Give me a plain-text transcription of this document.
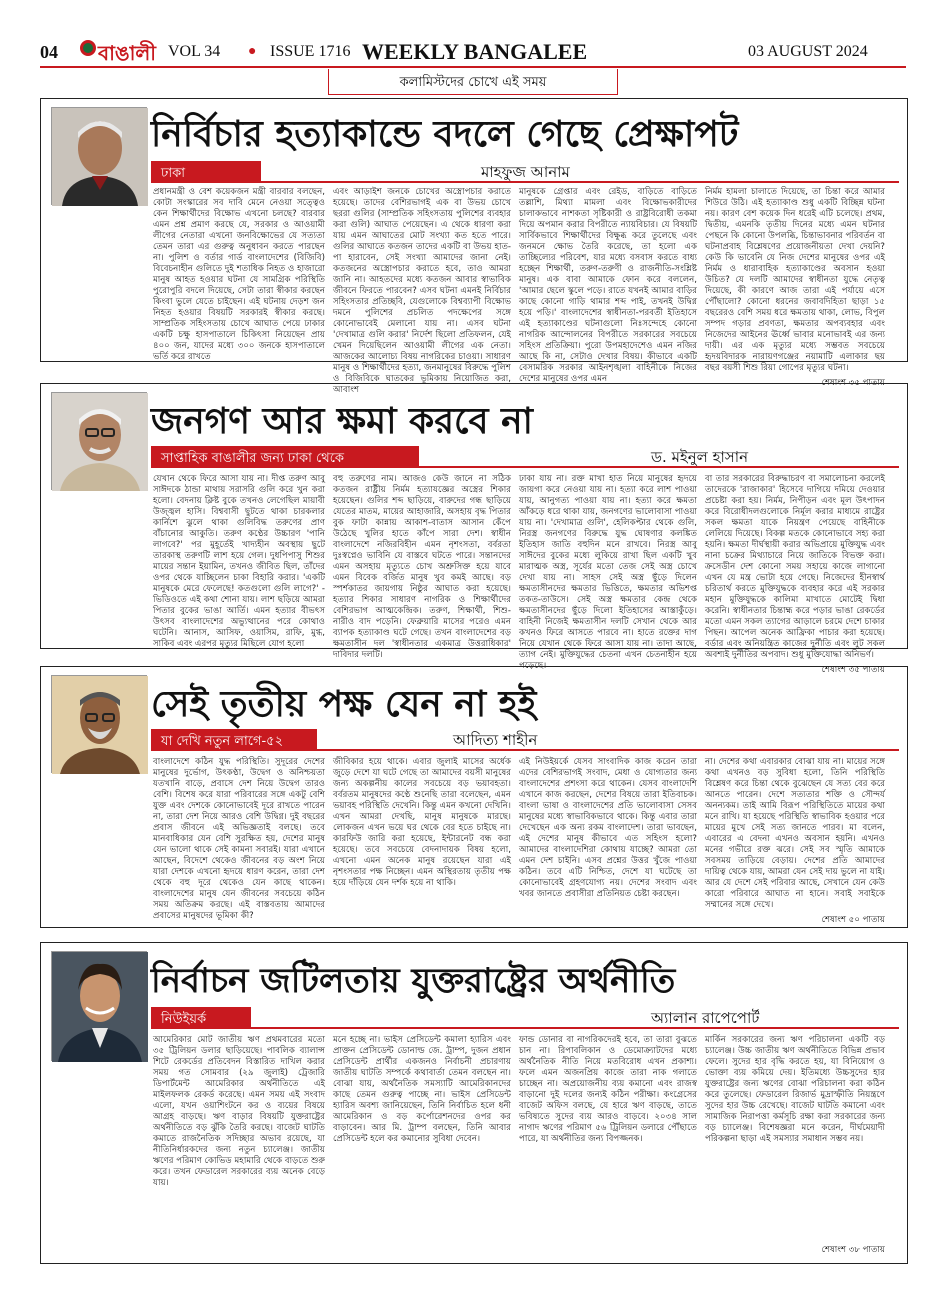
04 বাঙালী VOL 34 ● ISSUE 1716 WEEKLY BANGALEE	03 AUGUST 2024
কলামিস্টদের চোখে এই সময়
নির্বিচার হত্যাকান্ডে বদলে গেছে প্রেক্ষাপট
ঢাকা	মাহফুজ আনাম
প্রধানমন্ত্রী ও বেশ কয়েকজন মন্ত্রী বারবার বলছেন, কোটা সংস্কারের সব দাবি মেনে নেওয়া সত্ত্বেও কেন শিক্ষার্থীদের বিক্ষোভ এখনো চলছে? বারবার এমন প্রশ্ন প্রমাণ করছে যে, সরকার ও আওয়ামী লীগের নেতারা এখনো জনবিক্ষোভের যে সত্যতা তেমন তারা এর গুরুত্ব অনুধাবন করতে পারছেন না। পুলিশ ও বর্তার গার্ড বাংলাদেশের (বিজিবি) বিবেচনাহীন গুলিতে দুই শতাধিক নিহত ও হাজারো মানুষ আহত হওয়ার ঘটনা যে সামগ্রিক পরিস্থিতি পুরোপুরি বদলে দিয়েছে, সেটা তারা স্বীকার করছেন কিংবা ভুলে যেতে চাইছেন। এই ঘটনায় দেড়শ জন নিহত হওয়ার বিষয়টি সরকারই স্বীকার করছে। সাম্প্রতিক সহিংসতায় চোখে আঘাত পেয়ে ঢাকার একটি চক্ষু হাসপাতালে চিকিৎসা নিয়েছেন প্রায় ৪০০ জন, যাদের মধ্যে ৩০০ জনকে হাসপাতালে ভর্তি করে রাখতে
এবং আড়াইশ জনকে চোখের অস্ত্রোপচার করাতে হয়েছে। তাদের বেশিরভাগই এক বা উভয় চোখে ছররা গুলির (সাম্প্রতিক সহিংসতায় পুলিশের ব্যবহার করা গুলি) আঘাত পেয়েছেন। এ থেকে ধারণা করা যায় এমন আঘাতের মোট সংখ্যা কত হতে পারে। গুলির আঘাতে কতজন তাদের একটি বা উভয় হাত-পা হারাবেন, সেই সংখ্যা আমাদের জানা নেই। কতজনের অস্ত্রোপচার করাতে হবে, তাও আমরা জানি না। আহতদের মধ্যে কতজন আবার স্বাভাবিক জীবনে ফিরতে পারবেন? এসব ঘটনা এমনই নির্বিচার সহিংসতার প্রতিচ্ছবি, যেগুলোকে বিশ্বব্যাপী বিক্ষোভ দমনে পুলিশের প্রচলিত পদক্ষেপের সঙ্গে কোনোভাবেই মেলানো যায় না। এসব ঘটনা 'দেখামাত্র গুলি করার' নির্দেশ ছিলো প্রতিফলন, যেই খেমন দিয়েছিলেন আওয়ামী লীগের এক নেতা। আজকের আলোচ্য বিষয় নাগরিকের চাওয়া। সাধারণ মানুষ ও শিক্ষার্থীদের হত্যা, জনমানুষের বিরুদ্ধে পুলিশ ও বিজিবিকে ঘাতকের ভূমিকায় নিয়োজিত করা, আবাংশ
মানুষকে গ্রেপ্তার এবং রেইড, বাড়িতে বাড়িতে তল্লাশি, মিথ্যা মামলা এবং বিক্ষোভকারীদের চালাকভাবে নাশকতা সৃষ্টিকারী ও রাষ্ট্রবিরোধী তকমা দিয়ে অপমান করার বিপরীতে ন্যায়বিচার। যে বিষয়টি সার্বিকভাবে শিক্ষার্থীদের বিক্ষুব্ধ করে তুলেছে এবং জনমনে ক্ষোভ তৈরি করেছে, তা হলো এক তাচ্ছিল্যের পরিবেশ, যার মধ্যে বসবাস করতে বাধ্য হচ্ছেন শিক্ষার্থী, তরুণ-তরুণী ও রাজনীতি-সংশ্লিষ্ট মানুষ। এক বাবা আমাকে ফোন করে বললেন, 'আমার ছেলে স্কুলে পড়ে। রাতে যখনই আমার বাড়ির কাছে কোনো গাড়ি থামার শব্দ পাই, তখনই উদ্বিগ্ন হয়ে পড়ি।' বাংলাদেশের স্বাধীনতা-পরবর্তী ইতিহাসে এই হত্যাকাণ্ডের ঘটনাগুলো নিঃসন্দেহে কোনো নাগরিক আন্দোলনের বিপরীতে সরকারের সবচেয়ে সহিংস প্রতিক্রিয়া। পুরো উপমহাদেশেও এমন নজির আছে কি না, সেটাও দেখার বিষয়। কীভাবে একটি বেসামরিক সরকার আইনশৃঙ্খলা বাহিনীকে নিজের দেশের মানুষের ওপর এমন
নির্মম হামলা চালাতে দিয়েছে, তা চিন্তা করে আমার শিউরে উঠি। এই হত্যাকাণ্ড শুধু একটি বিচ্ছিন্ন ঘটনা নয়। কারণ বেশ কয়েক দিন ধরেই এটি চলেছে। প্রথম, দ্বিতীয়, এমনকি তৃতীয় দিনের মধ্যে এমন ঘটনার পেছনে কি কোনো উপলব্ধি, চিন্তাভাবনার পরিবর্তন বা ঘটনাপ্রবাহ বিশ্লেষণের প্রয়োজনীয়তা দেখা দেয়নি? কেউ কি ভাবেনি যে নিজ দেশের মানুষের ওপর এই নির্মম ও ধারাবাহিক হত্যাকাণ্ডের অবসান হওয়া উচিত? যে দলটি আমাদের স্বাধীনতা যুদ্ধে নেতৃত্ব দিয়েছে, কী কারণে আজ তারা এই পর্যায়ে এসে পৌঁছালো? কোনো ধরনের জবাবদিহিতা ছাড়া ১৫ বছরেরও বেশি সময় ধরে ক্ষমতায় থাকা, লোভ, বিপুল সম্পদ গড়ার প্রবণতা, ক্ষমতার অপব্যবহার এবং নিজেদের আইনের ঊর্ধ্বে ভাবার মনোভাবই এর জন্য দায়ী। এর এক মৃত্যুর মধ্যে সম্ভবত সবচেয়ে হৃদয়বিদারক নারায়ণগঞ্জের নয়ামাটি এলাকার ছয় বছর বয়সী শিশু রিয়া গোপের মৃত্যুর ঘটনা।
শেষাংশ ৩৫ পাতায়
জনগণ আর ক্ষমা করবে না
সাপ্তাহিক বাঙালীর জন্য ঢাকা থেকে	ড. মইনুল হাসান
যেখান থেকে ফিরে আসা যায় না। দীপ্ত তরুণ আবু সাঈদকে ঠান্ডা মাথায় সরাসরি গুলি করে খুন করা হলো। বেদনায় ক্লিষ্ট বুকে তখনও লেগেছিল মায়াবী উজ্জ্বল হাসি। বিশ্ববাসী ছুটতে থাকা চারকলার কার্নিশে ঝুলে থাকা গুলিবিদ্ধ তরুণের প্রাণ বাঁচানোর আকুতি। তরুণ কণ্ঠের উচ্চারণ 'পানি লাগবে?' পর মুহূর্তেই খাদ্যহীন অবস্থায় ছুটে তারকাস্থ তরুণটি লাশ হয়ে গেল। দুধপিপাসু শিশুর মায়ের সন্তান ইয়ামিন, তখনও জীবিত ছিল, তাঁদের ওপর থেকে যাচ্ছিলেন চাকা বিহারি করার। 'একটি মানুষকে মেরে ফেলেছে! কতগুলো গুলি লাগে?' - ভিডিওতে এই কথা শোনা যায়। লাশ ছড়িয়ে আমরা পিতার বুকের ভাঙা আর্তি। এমন হত্যার বীভৎস উৎসব বাংলাদেশের অভ্যুত্থানের পরে কোথাও ঘটেনি। আনাস, আসিফ, ওয়াসিম, রাফি, মুগ্ধ, সাকিব এবং এরপর মৃত্যুর মিছিলে যোগ হলো
বহু তরুণের নাম। আজও কেউ জানে না সঠিক কতজন রাষ্ট্রীয় নির্মম হত্যাযজ্ঞের অস্ত্রের শিকার হয়েছেন। গুলির শব্দ ছাড়িয়ে, বারুদের গন্ধ ছাড়িয়ে যেতের মাতম, মায়ের আহাজারি, অসহায় বৃদ্ধ পিতার বুক ফাটা কান্নায় আকাশ-বাতাস আসান কেঁপে উঠেছে খুলির হাতে কাঁপে সারা দেশ। স্বাধীন বাংলাদেশে নজিরবিহীন এমন নৃশংসতা, বর্বরতা দুঃস্বপ্নেও ভাবিনি যে বাস্তবে ঘটতে পারে। সন্তানদের এমন অসহায় মৃত্যুতে চোখ অশ্রুসিক্ত হয়ে যাবে এমন বিবেক বর্জিত মানুষ খুব কমই আছে। বড় স্পর্শকাতর জায়গায় নিষ্ঠুর আঘাত করা হয়েছে। হত্যার শিকার সাধারণ নাগরিক ও শিক্ষার্থীদের বেশিরভাগ আত্মকেন্দ্রিক। তরুণ, শিক্ষার্থী, শিশু-নারীও বাদ পড়েনি। ফেব্রুয়ারি মাসের পরেও এমন ব্যাপক হত্যাকাণ্ড ঘটে গেছে। তখন বাংলাদেশের বড় ক্ষমতাসীন দল 'স্বাধীনতার একমাত্র উত্তরাধিকার' দাবিদার দলটি।
ঢাকা যায় না। রক্ত মাখা হাত নিয়ে মানুষের হৃদয়ে জায়গা করে নেওয়া যায় না। হত্যা করে লাশ পাওয়া যায়, আনুগত্য পাওয়া যায় না। হত্যা করে ক্ষমতা আঁকড়ে ধরে থাকা যায়, জনগণের ভালোবাসা পাওয়া যায় না। 'দেখামাত্র গুলি', হেলিকপ্টার থেকে গুলি, নিরস্ত্র জনগণের বিরুদ্ধে যুদ্ধ ঘোষণার কলঙ্কিত ইতিহাস জাতি বহুদিন মনে রাখবে। নিরস্ত্র আবু সাঈদের বুকের মধ্যে লুকিয়ে রাখা ছিল একটি খুব মারাত্মক অস্ত্র, সূর্যের মতো তেজ সেই অস্ত্র চোখে দেখা যায় না। সাহস সেই অস্ত্র ছুঁড়ে দিলেন ক্ষমতাসীনদের ক্ষমতার ভিত্তিতে, ক্ষমতার অভিশপ্ত তকত-তাউসে। সেই অস্ত্র ক্ষমতার কেন্দ্র থেকে ক্ষমতাসীনদের ছুঁড়ে দিলো ইতিহাসের আস্তাকুঁড়ে। বাহিনী নিজেই ক্ষমতাসীন দলটি সেখান থেকে আর কখনও ফিরে আসতে পারবে না। হাতে রক্তের দাগ নিয়ে যেখান থেকে ফিরে আসা যায় না। তাদা আছে, ত্যাগ নেই। মুক্তিযুদ্ধের চেতনা এখন চেতনাহীন হয়ে পড়েছে।
বা তার সরকারের বিরুদ্ধাচরণ বা সমালোচনা করলেই তাদেরকে 'রাজাকার' হিসেবে দাগিয়ে দমিয়ে দেওয়ার প্রচেষ্টা করা হয়। নির্মম, নিপীড়ন এবং মূল উৎপাদন করে বিরোধীদলগুলোকে নির্মূল করার মাধ্যমে রাষ্ট্রের সকল ক্ষমতা যাকে নিয়ন্ত্রণ পেয়েছে বাহিনীকে লেলিয়ে দিয়েছে। বিকল্প মতকে কোনোভাবে সহ্য করা হয়নি। ক্ষমতা দীর্ঘস্থায়ী করার অভিপ্রায়ে মুক্তিযুদ্ধ এবং নানা চক্রের মিথ্যাচারে নিয়ে জাতিকে বিভক্ত করা। ক্রসেডীন দেশ কোনো সময় সহায়ে কাজে লাগানো এখন যে মন্ত্র ভোটা হয়ে গেছে। নিজেদের হীনস্বার্থ চরিতার্থ করতে মুক্তিযুদ্ধকে ব্যবহার করে এই সরকার মহান মুক্তিযুদ্ধকে কালিমা মাখাতে মোটেই দ্বিধা করেনি। স্বাধীনতার চিন্তাহ্ম করে পড়ার ভাঙা রেকর্ডের মতো এমন সকল ত্যাগের আড়ালে চরমে দেশে চাকার পিছন। আপেল অনেক আফ্রিকা পাচার করা হয়েছে। বর্ডার এবং অনিয়ন্ত্রিত কাজের দুর্নীতি এবং লুট সকল অবশ্যই দুর্নীতির অপবাদ। শুধু মুক্তিযোদ্ধা অনিভর্ণ।
শেষাংশ ৩৫ পাতায়
সেই তৃতীয় পক্ষ যেন না হই
যা দেখি নতুন লাগে-৫২	আদিত্য শাহীন
বাংলাদেশে কঠিন যুদ্ধ পরিস্থিতি। সুদূরের দেশের মানুষের দুর্ভোগ, উৎকণ্ঠা, উদ্বেগ ও অনিশ্চয়তা যতখানি বাড়ে, প্রবাসে দেশ নিয়ে উদ্বেগ তারও বেশি। বিশেষ করে যারা পরিবারের সঙ্গে একটু বেশি যুক্ত এবং দেশকে কোনোভাবেই দূরে রাখতে পারেন না, তারা দেশ নিয়ে আরও বেশি উদ্বিগ্ন। দুই বছরের প্রবাস জীবনে এই অভিজ্ঞতাই বলছে। তবে মানবাধিকার যেন বেশি সুরক্ষিত হয়, দেশের মানুষ যেন ভালো থাকে সেই কামনা সবারই। যারা এখানে আছেন, বিদেশে থেকেও জীবনের বড় অংশ নিয়ে যারা দেশকে এখনো হৃদয়ে ধারণ করেন, তারা দেশ থেকে বহু দূরে থেকেও যেন কাছে থাকেন। বাংলাদেশের মানুষ যেন জীবনের সবচেয়ে কঠিন সময় অতিক্রম করছে। এই বাস্তবতায় আমাদের প্রবাসের মানুষদের ভূমিকা কী?
জীবিকার হয়ে থাকে। এবার জুলাই মাসের অর্ধেক জুড়ে দেশে যা ঘটে গেছে তা আমাদের বয়সী মানুষের জন্য অকল্পনীয় কালের সবচেয়ে বড় ভয়াবহতা। বর্বরতম মানুষদের কণ্ঠে শুনেছি তারা বলেছেন, এমন ভয়াবহ পরিস্থিতি দেখেনি। কিন্তু এমন কখনো দেখিনি। এখন আমরা দেখছি, মানুষ মানুষকে মারছে। লোকজন এখন ভয়ে ঘর থেকে বের হতে চাইছে না। কারফিউ জারি করা হয়েছে, ইন্টারনেট বন্ধ করা হয়েছে। তবে সবচেয়ে বেদনাদায়ক বিষয় হলো, এখনো এমন অনেক মানুষ রয়েছেন যারা এই নৃশংসতার পক্ষ নিচ্ছেন। এমন অস্থিরতায় তৃতীয় পক্ষ হয়ে দাঁড়িয়ে যেন দর্শক হয়ে না থাকি।
এই নিউইয়র্কে যেসব সাংবাদিক কাজ করেন তারা এদের বেশিরভাগই সংবাদ, মেধা ও যোগ্যতার জন্য বাংলাদেশের প্রশংসা করে থাকেন। যেসব বাংলাদেশি এখানে কাজ করছেন, দেশের বিষয়ে তারা ইতিবাচক। বাংলা ভাষা ও বাংলাদেশের প্রতি ভালোবাসা সেসব মানুষের মধ্যে স্বাভাবিকভাবে থাকে। কিন্তু এবার তারা দেখেছেন এক অন্য রকম বাংলাদেশ। তারা ভাবছেন, এই দেশের মানুষ কীভাবে এত সহিংস হলো? আমাদের বাংলাদেশিরা কোথায় যাচ্ছে? আমরা তো এমন দেশ চাইনি। এসব প্রশ্নের উত্তর খুঁজে পাওয়া কঠিন। তবে এটি নিশ্চিত, দেশে যা ঘটেছে তা কোনোভাবেই গ্রহণযোগ্য নয়। দেশের সংবাদ এবং খবর জানতে প্রবাসীরা প্রতিনিয়ত চেষ্টা করছেন।
না। দেশের কথা এবারকার বোঝা যায় না। মায়ের সঙ্গে কথা এখনও বড় সুবিধা হলো, তিনি পরিস্থিতি বিশ্লেষণ করে চিন্তা থেকে বুঝেছেন যে সত্য বের করে আনতে পারেন। দেশে সত্যতার শক্তি ও সৌন্দর্য অনন্যকম। তাই আমি বিরূপ পরিস্থিতিতে মায়ের কথা মনে রাখি। যা হয়েছে পরিস্থিতি স্বাভাবিক হওয়ার পরে মায়ের মুখে সেই সত্য জানতে পারব। মা বলেন, এবারের এ বেদনা এখনও অবসান হয়নি। এখনও মনের গভীরে রক্ত ঝরে। সেই সব স্মৃতি আমাকে সবসময় তাড়িয়ে বেড়ায়। দেশের প্রতি আমাদের দায়িত্ব থেকে যায়, আমরা যেন সেই দায় ভুলে না যাই। আর যে দেশে সেই পরিবার আছে, সেখানে যেন কেউ কারো পরিবারে আঘাত না হানে। সবাই সবাইকে সম্মানের সঙ্গে দেখে।
শেষাংশ ৫০ পাতায়
নির্বাচন জটিলতায় যুক্তরাষ্ট্রের অর্থনীতি
নিউইয়র্ক	অ্যালান রাপেপোর্ট
আমেরিকার মোট জাতীয় ঋণ প্রথমবারের মতো ৩৫ ট্রিলিয়ন ডলার ছাড়িয়েছে। পাবলিক ব্যালান্স শিটে রেকর্ডের প্রতিবেদন বিস্তারিত দাখিল করার সময় গত সোমবার (২৯ জুলাই) ট্রেজারি ডিপার্টমেন্ট আমেরিকার অর্থনীতিতে এই মাইলফলক রেকর্ড করেছে। এমন সময় এই সংবাদ এলো, যখন ওয়াশিংটনে কর ও ব্যয়ের বিষয়ে আগ্রহ বাড়ছে। ঋণ বাড়ার বিষয়টি যুক্তরাষ্ট্রের অর্থনীতিতে বড় ঝুঁকি তৈরি করছে। বাজেট ঘাটতি কমাতে রাজনৈতিক সদিচ্ছার অভাব রয়েছে, যা নীতিনির্ধারকদের জন্য নতুন চ্যালেঞ্জ। জাতীয় ঋণের পরিমাণ কোভিড মহামারি থেকে বাড়তে শুরু করে। তখন ফেডারেল সরকারের ব্যয় অনেক বেড়ে যায়।
মনে হচ্ছে না। ভাইস প্রেসিডেন্ট কমালা হ্যারিস এবং প্রাক্তন প্রেসিডেন্ট ডোনাল্ড জে. ট্রাম্প, দুজন প্রধান প্রেসিডেন্ট প্রার্থীর একজনও নির্বাচনী প্রচারণায় জাতীয় ঘাটতি সম্পর্কে কথাবার্তা তেমন বলছেন না। বোঝা যায়, অর্থনৈতিক সমস্যাটি আমেরিকানদের কাছে তেমন গুরুত্ব পাচ্ছে না। ভাইস প্রেসিডেন্ট হ্যারিস অবশ্য জানিয়েছেন, তিনি নির্বাচিত হলে ধনী আমেরিকান ও বড় কর্পোরেশনদের ওপর কর বাড়াবেন। আর মি. ট্রাম্প বলছেন, তিনি আবার প্রেসিডেন্ট হলে কর কমানোর সুবিধা দেবেন।
ফান্ড ডোনার বা নাগরিকদেরই হবে, তা তারা বুঝতে চান না। রিপাবলিকান ও ডেমোক্র্যাটদের মধ্যে অর্থনৈতিক নীতি নিয়ে মতবিরোধ এখন প্রকাশ্য। ফলে এমন অজনপ্রিয় কাজে তারা নাক গলাতে চাচ্ছেন না। অপ্রয়োজনীয় ব্যয় কমানো এবং রাজস্ব বাড়ানো দুই দলের জন্যই কঠিন পরীক্ষা। কংগ্রেসের বাজেট অফিস বলছে, যে হারে ঋণ বাড়ছে, তাতে ভবিষ্যতে সুদের ব্যয় আরও বাড়বে। ২০৩৪ সাল নাগাদ ঋণের পরিমাণ ৫৬ ট্রিলিয়ন ডলারে পৌঁছাতে পারে, যা অর্থনীতির জন্য বিপজ্জনক।
মার্কিন সরকারের জন্য ঋণ পরিচালনা একটি বড় চ্যালেঞ্জ। উচ্চ জাতীয় ঋণ অর্থনীতিতে বিভিন্ন প্রভাব ফেলে। সুদের হার বৃদ্ধি করতে হয়, যা বিনিয়োগ ও ভোক্তা ব্যয় কমিয়ে দেয়। ইতিমধ্যে উচ্চসুদের হার যুক্তরাষ্ট্রের জন্য ঋণের বোঝা পরিচালনা করা কঠিন করে তুলেছে। ফেডারেল রিজার্ভ মুদ্রাস্ফীতি নিয়ন্ত্রণে সুদের হার উচ্চ রেখেছে। বাজেট ঘাটতি কমানো এবং সামাজিক নিরাপত্তা কর্মসূচি রক্ষা করা সরকারের জন্য বড় চ্যালেঞ্জ। বিশেষজ্ঞরা মনে করেন, দীর্ঘমেয়াদী পরিকল্পনা ছাড়া এই সমস্যার সমাধান সম্ভব নয়।
শেষাংশ ৩৮ পাতায়
